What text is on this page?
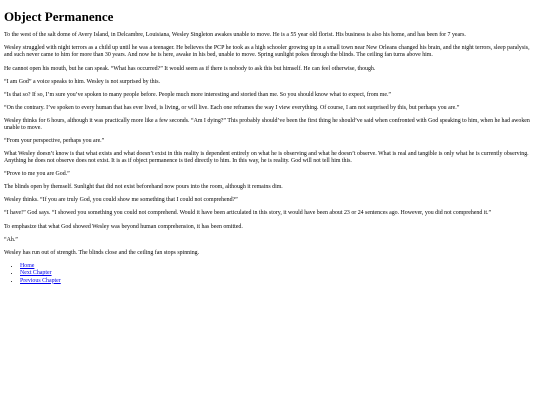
Object Permanence

To the west of the salt dome of Avery Island, in Delcambre, Louisiana, Wesley Singleton awakes unable to move. He is a 55 year old florist. His business is also his home, and has been for 7 years.

Wesley struggled with night terrors as a child up until he was a teenager. He believes the PCP he took as a high schooler growing up in a small town near New Orleans changed his brain, and the night terrors, sleep paralysis, and such never came to him for more than 30 years. And now he is here, awake in his bed, unable to move. Spring sunlight pokes through the blinds. The ceiling fan turns above him.

He cannot open his mouth, but he can speak. “What has occurred?” It would seem as if there is nobody to ask this but himself. He can feel otherwise, though.

“I am God” a voice speaks to him. Wesley is not surprised by this.

“Is that so? If so, I’m sure you’ve spoken to many people before. People much more interesting and storied than me. So you should know what to expect, from me.”

“On the contrary. I’ve spoken to every human that has ever lived, is living, or will live. Each one reframes the way I view everything. Of course, I am not surprised by this, but perhaps you are.”

Wesley thinks for 6 hours, although it was practically more like a few seconds. “Am I dying?” This probably should’ve been the first thing he should’ve said when confronted with God speaking to him, when he had awoken unable to move.

“From your perspective, perhaps you are.”

What Wesley doesn’t know is that what exists and what doesn’t exist in this reality is dependent entirely on what he is observing and what he doesn’t observe. What is real and tangible is only what he is currently observing. Anything he does not observe does not exist. It is as if object permanence is tied directly to him. In this way, he is reality. God will not tell him this.

“Prove to me you are God.”

The blinds open by themself. Sunlight that did not exist beforehand now pours into the room, although it remains dim.

Wesley thinks. “If you are truly God, you could show me something that I could not comprehend?”

“I have!” God says. “I showed you something you could not comprehend. Would it have been articulated in this story, it would have been about 23 or 24 sentences ago. However, you did not comprehend it.”

To emphasize that what God showed Wesley was beyond human comprehension, it has been omitted.

“Ah.”

Wesley has run out of strength. The blinds close and the ceiling fan stops spinning.

• Home
• Next Chapter
• Previous Chapter
